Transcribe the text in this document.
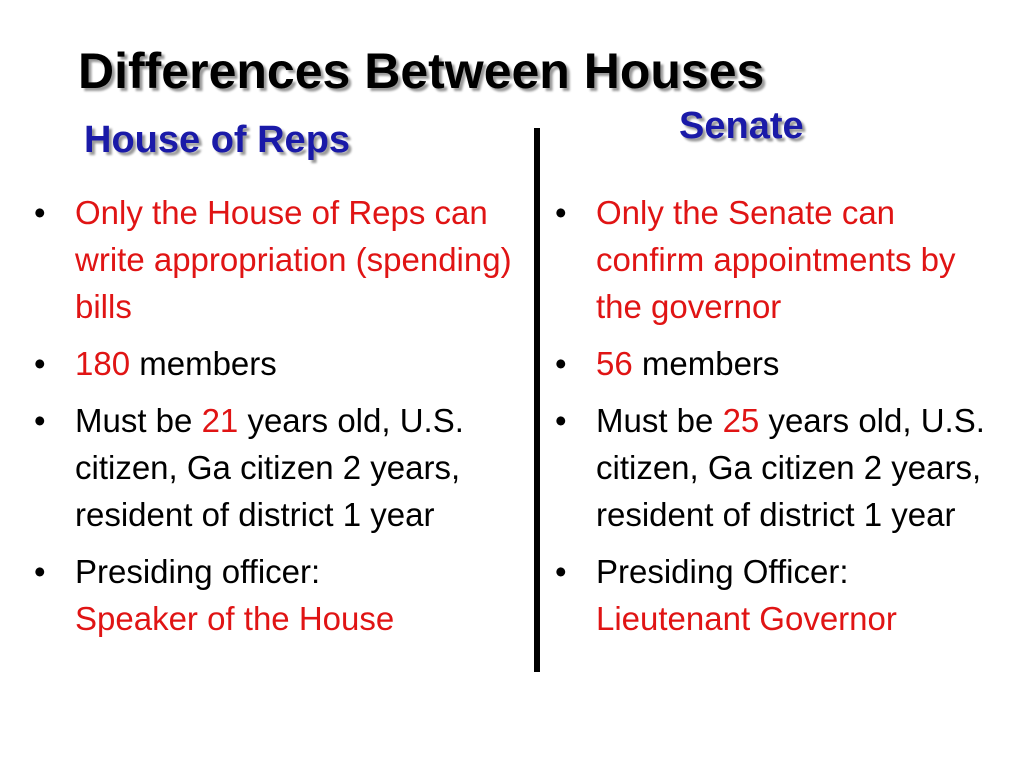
Differences Between Houses
House of Reps	Senate
• Only the House of Reps can write appropriation (spending) bills
• 180 members
• Must be 21 years old, U.S. citizen, Ga citizen 2 years, resident of district 1 year
• Presiding officer:
Speaker of the House
• Only the Senate can confirm appointments by the governor
• 56 members
• Must be 25 years old, U.S. citizen, Ga citizen 2 years, resident of district 1 year
• Presiding Officer:
Lieutenant Governor
